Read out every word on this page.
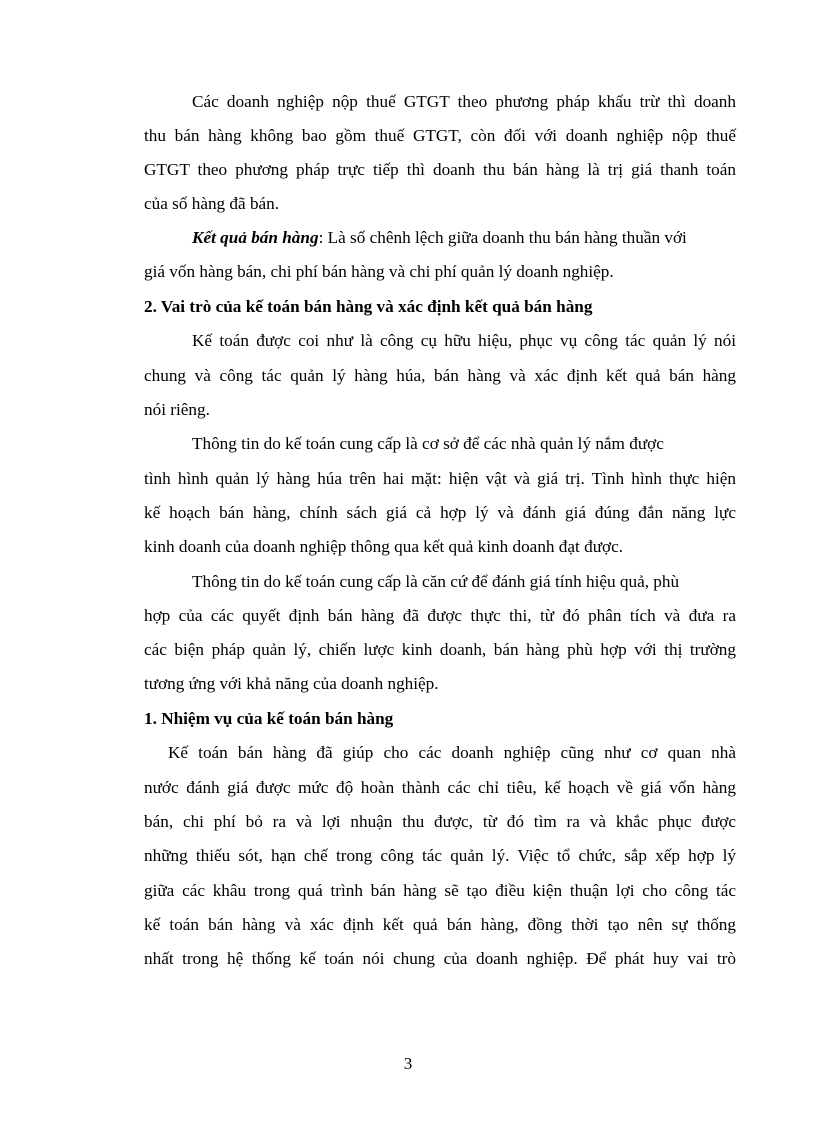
Các doanh nghiệp nộp thuế GTGT theo phương pháp khấu trừ thì doanh
thu bán hàng không bao gồm thuế GTGT, còn đối với doanh nghiệp nộp thuế
GTGT theo phương pháp trực tiếp thì doanh thu bán hàng là trị giá thanh toán
của số hàng đã bán.
Kết quả bán hàng: Là số chênh lệch giữa doanh thu bán hàng thuần với
giá vốn hàng bán, chi phí bán hàng và chi phí quản lý doanh nghiệp.
2. Vai trò của kế toán bán hàng và xác định kết quả bán hàng
Kế toán được coi như là công cụ hữu hiệu, phục vụ công tác quản lý nói
chung và công tác quản lý hàng húa, bán hàng và xác định kết quả bán hàng
nói riêng.
Thông tin do kế toán cung cấp là cơ sở để các nhà quản lý nắm được
tình hình quản lý hàng húa trên hai mặt: hiện vật và giá trị. Tình hình thực hiện
kế hoạch bán hàng, chính sách giá cả hợp lý và đánh giá đúng đắn năng lực
kinh doanh của doanh nghiệp thông qua kết quả kinh doanh đạt được.
Thông tin do kế toán cung cấp là căn cứ để đánh giá tính hiệu quả, phù
hợp của các quyết định bán hàng đã được thực thi, từ đó phân tích và đưa ra
các biện pháp quản lý, chiến lược kinh doanh, bán hàng phù hợp với thị trường
tương ứng với khả năng của doanh nghiệp.
1. Nhiệm vụ của kế toán bán hàng
Kế toán bán hàng đã giúp cho các doanh nghiệp cũng như cơ quan nhà
nước đánh giá được mức độ hoàn thành các chỉ tiêu, kế hoạch về giá vốn hàng
bán, chi phí bỏ ra và lợi nhuận thu được, từ đó tìm ra và khắc phục được
những thiếu sót, hạn chế trong công tác quản lý. Việc tổ chức, sắp xếp hợp lý
giữa các khâu trong quá trình bán hàng sẽ tạo điều kiện thuận lợi cho công tác
kế toán bán hàng và xác định kết quả bán hàng, đồng thời tạo nên sự thống
nhất trong hệ thống kế toán nói chung của doanh nghiệp. Để phát huy vai trò
3
